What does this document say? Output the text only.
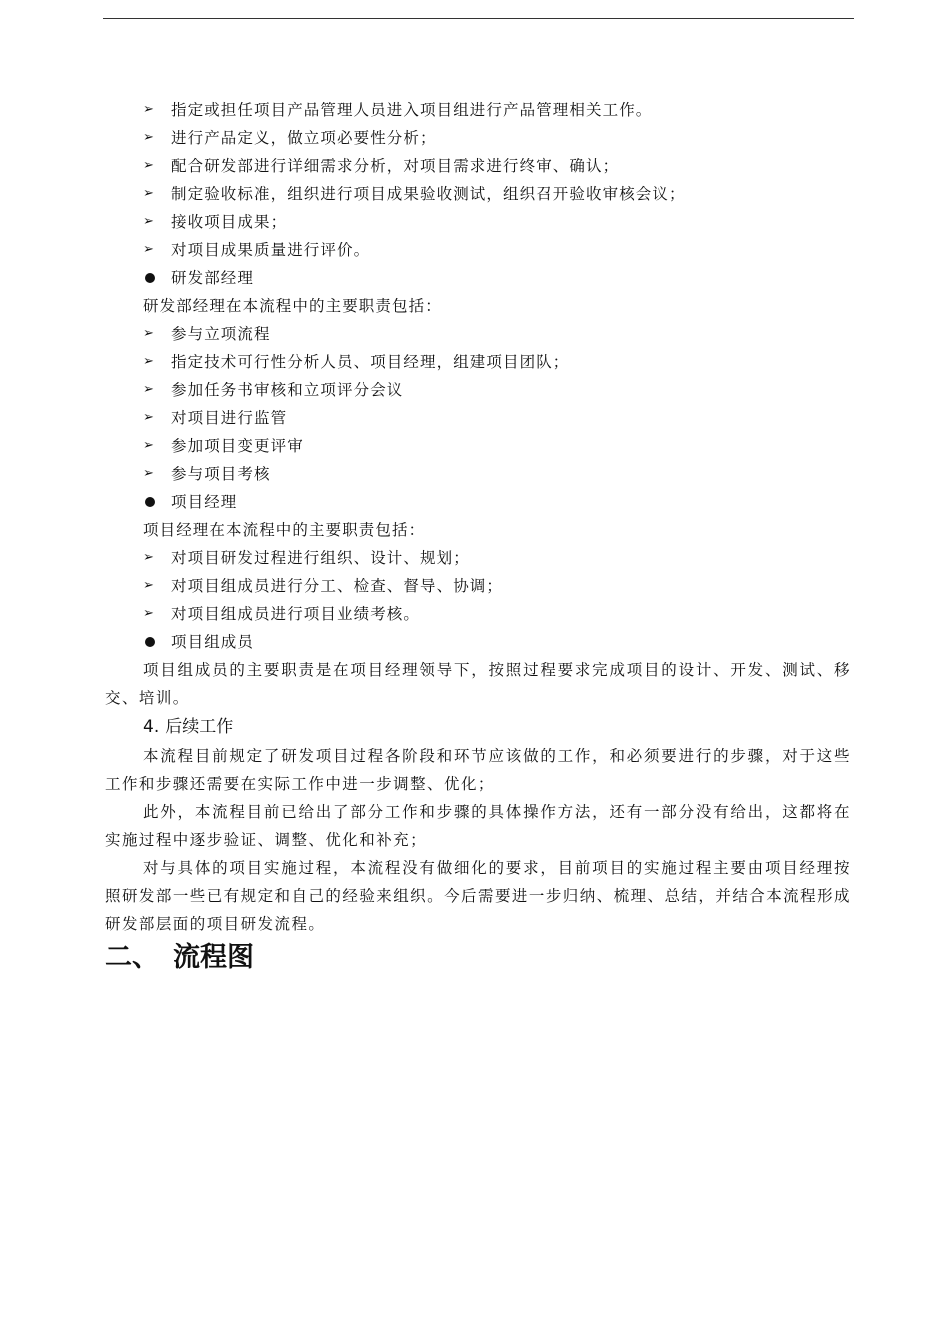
➢ 指定或担任项目产品管理人员进入项目组进行产品管理相关工作。
➢ 进行产品定义，做立项必要性分析；
➢ 配合研发部进行详细需求分析，对项目需求进行终审、确认；
➢ 制定验收标准，组织进行项目成果验收测试，组织召开验收审核会议；
➢ 接收项目成果；
➢ 对项目成果质量进行评价。
研发部经理
研发部经理在本流程中的主要职责包括：
➢ 参与立项流程
➢ 指定技术可行性分析人员、项目经理，组建项目团队；
➢ 参加任务书审核和立项评分会议
➢ 对项目进行监管
➢ 参加项目变更评审
➢ 参与项目考核
项目经理
项目经理在本流程中的主要职责包括：
➢ 对项目研发过程进行组织、设计、规划；
➢ 对项目组成员进行分工、检查、督导、协调；
➢ 对项目组成员进行项目业绩考核。
项目组成员
项目组成员的主要职责是在项目经理领导下，按照过程要求完成项目的设计、开发、测试、移交、培训。
4. 后续工作
本流程目前规定了研发项目过程各阶段和环节应该做的工作，和必须要进行的步骤，对于这些工作和步骤还需要在实际工作中进一步调整、优化；
此外，本流程目前已给出了部分工作和步骤的具体操作方法，还有一部分没有给出，这都将在实施过程中逐步验证、调整、优化和补充；
对与具体的项目实施过程，本流程没有做细化的要求，目前项目的实施过程主要由项目经理按照研发部一些已有规定和自己的经验来组织。今后需要进一步归纳、梳理、总结，并结合本流程形成研发部层面的项目研发流程。
二、 流程图
